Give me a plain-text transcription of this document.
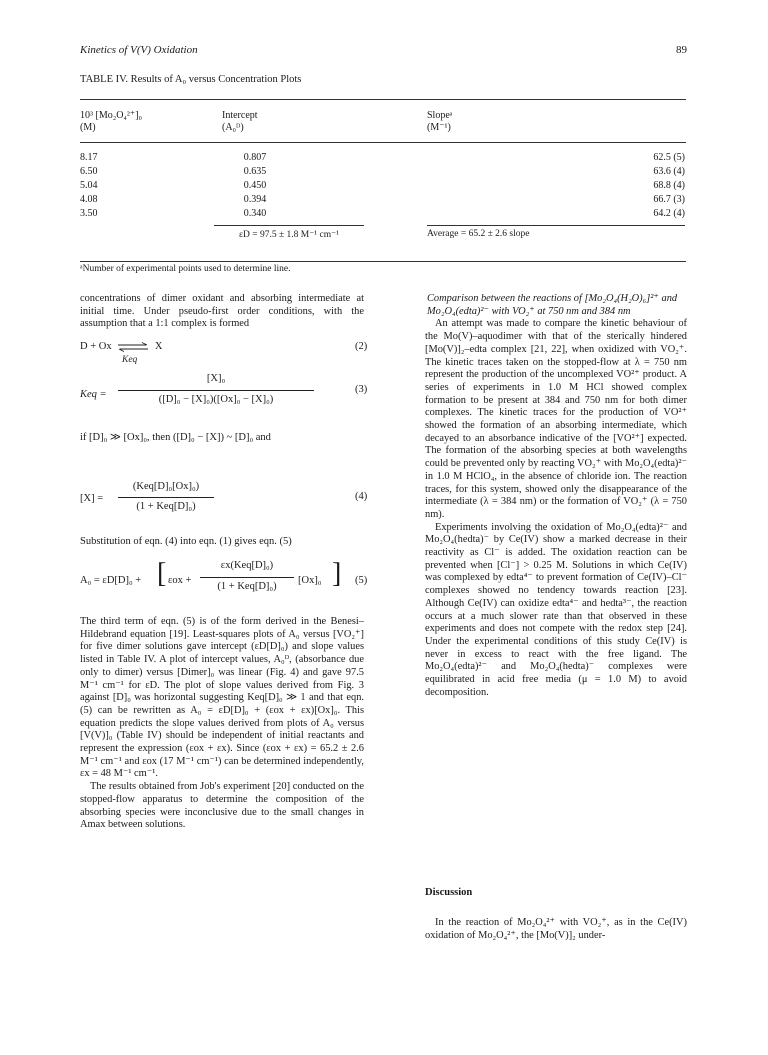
Kinetics of V(V) Oxidation	89
TABLE IV. Results of A₀ versus Concentration Plots
10³ [Mo₂O₄²⁺]₀
(M)
Intercept
(A₀ᴰ)
Slopeᵃ
(M⁻¹)
8.17
6.50
5.04
4.08
3.50
0.807
0.635
0.450
0.394
0.340
62.5 (5)
63.6 (4)
68.8 (4)
66.7 (3)
64.2 (4)
εD = 97.5 ± 1.8 M⁻¹ cm⁻¹	Average = 65.2 ± 2.6 slope
ᵃNumber of experimental points used to determine line.

concentrations of dimer oxidant and absorbing intermediate at initial time. Under pseudo-first order conditions, with the assumption that a 1:1 complex is formed

D + Ox ⇌ X
Keq
(2)
Keq =
[X]₀
([D]₀ − [X]₀)([Ox]₀ − [X]₀)
(3)
if [D]₀ ≫ [Ox]₀, then ([D]₀ − [X]) ~ [D]₀ and
[X] =
(Keq[D]₀[Ox]₀)
(1 + Keq[D]₀)
(4)
Substitution of eqn. (4) into eqn. (1) gives eqn. (5)
A₀ = εD[D]₀ + [ εox +
εx(Keq[D]₀)
(1 + Keq[D]₀)
[Ox]₀ ] (5)

The third term of eqn. (5) is of the form derived in the Benesi–Hildebrand equation [19]. Least-squares plots of A₀ versus [VO₂⁺] for five dimer solutions gave intercept (εD[D]₀) and slope values listed in Table IV. A plot of intercept values, A₀ᴰ, (absorbance due only to dimer) versus [Dimer]₀ was linear (Fig. 4) and gave 97.5 M⁻¹ cm⁻¹ for εD. The plot of slope values derived from Fig. 3 against [D]₀ was horizontal suggesting Keq[D]₀ ≫ 1 and that eqn. (5) can be rewritten as A₀ = εD[D]₀ + (εox + εx)[Ox]₀. This equation predicts the slope values derived from plots of A₀ versus [V(V)]₀ (Table IV) should be independent of initial reactants and represent the expression (εox + εx). Since (εox + εx) = 65.2 ± 2.6 M⁻¹ cm⁻¹ and εox (17 M⁻¹ cm⁻¹) can be determined independently, εx = 48 M⁻¹ cm⁻¹.

The results obtained from Job's experiment [20] conducted on the stopped-flow apparatus to determine the composition of the absorbing species were inconclusive due to the small changes in Amax between solutions.

Comparison between the reactions of [Mo₂O₄(H₂O)₆]²⁺ and Mo₂O₄(edta)²⁻ with VO₂⁺ at 750 nm and 384 nm

An attempt was made to compare the kinetic behaviour of the Mo(V)–aquodimer with that of the sterically hindered [Mo(V)]₂–edta complex [21, 22], when oxidized with VO₂⁺. The kinetic traces taken on the stopped-flow at λ = 750 nm represent the production of the uncomplexed VO²⁺ product. A series of experiments in 1.0 M HCl showed complex formation to be present at 384 and 750 nm for both dimer complexes. The kinetic traces for the production of VO²⁺ showed the formation of an absorbing intermediate, which decayed to an absorbance indicative of the [VO²⁺] expected. The formation of the absorbing species at both wavelengths could be prevented only by reacting VO₂⁺ with Mo₂O₄(edta)²⁻ in 1.0 M HClO₄, in the absence of chloride ion. The reaction traces, for this system, showed only the disappearance of the intermediate (λ = 384 nm) or the formation of VO₂⁺ (λ = 750 nm).

Experiments involving the oxidation of Mo₂O₄(edta)²⁻ and Mo₂O₄(hedta)⁻ by Ce(IV) show a marked decrease in their reactivity as Cl⁻ is added. The oxidation reaction can be prevented when [Cl⁻] > 0.25 M. Solutions in which Ce(IV) was complexed by edta⁴⁻ to prevent formation of Ce(IV)–Cl⁻ complexes showed no tendency towards reaction [23]. Although Ce(IV) can oxidize edta⁴⁻ and hedta³⁻, the reaction occurs at a much slower rate than that observed in these experiments and does not compete with the redox step [24]. Under the experimental conditions of this study Ce(IV) is never in excess to react with the free ligand. The Mo₂O₄(edta)²⁻ and Mo₂O₄(hedta)⁻ complexes were equilibrated in acid free media (μ = 1.0 M) to avoid decomposition.

Discussion

In the reaction of Mo₂O₄²⁺ with VO₂⁺, as in the Ce(IV) oxidation of Mo₂O₄²⁺, the [Mo(V)]₂ under-
